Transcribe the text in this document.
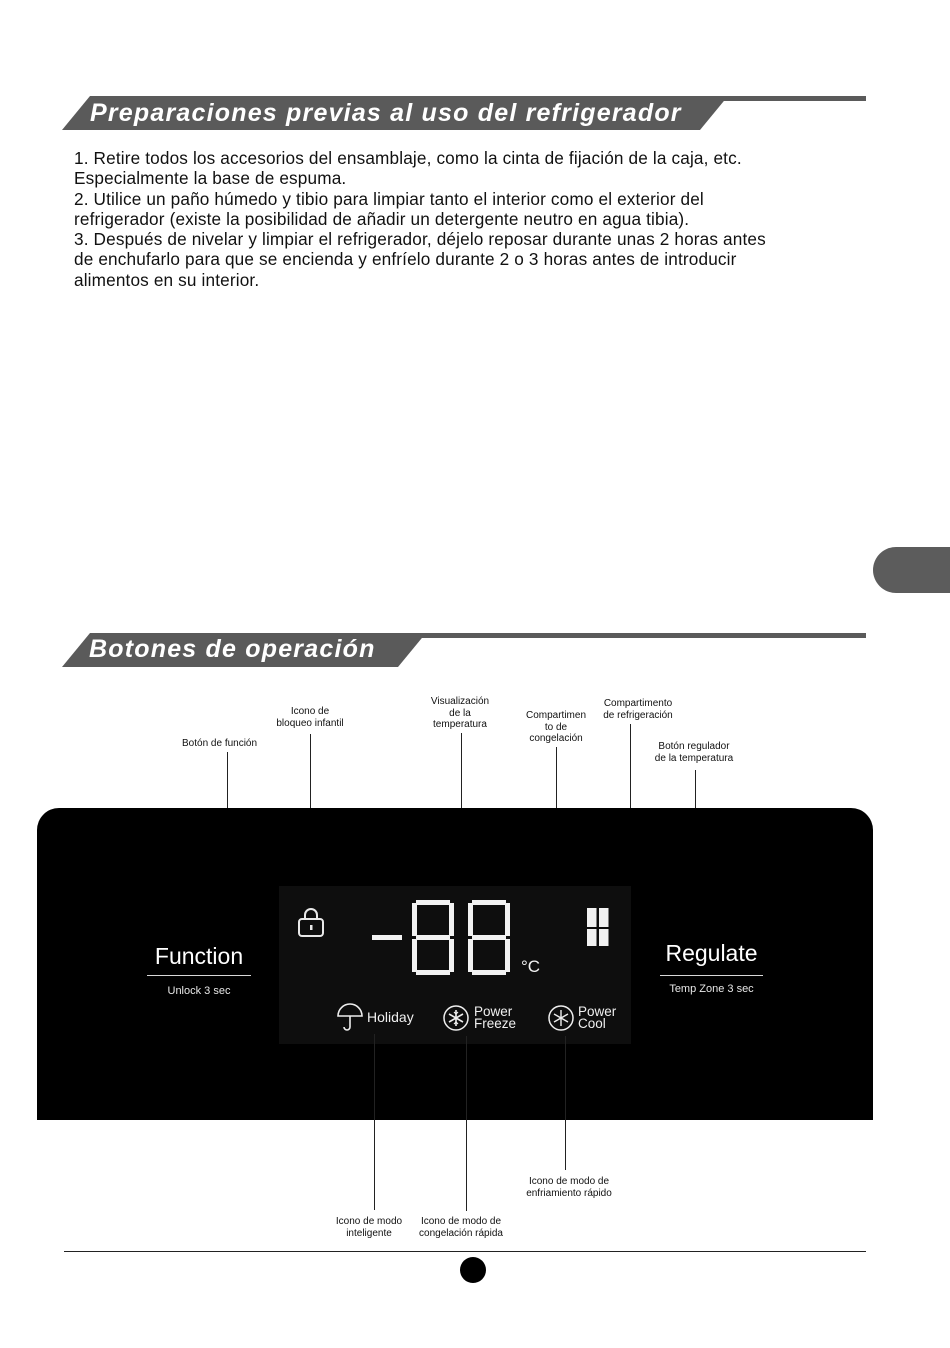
Preparaciones previas al uso del refrigerador

1. Retire todos los accesorios del ensamblaje, como la cinta de fijación de la caja, etc. Especialmente la base de espuma.

2. Utilice un paño húmedo y tibio para limpiar tanto el interior como el exterior del refrigerador (existe la posibilidad de añadir un detergente neutro en agua tibia).

3. Después de nivelar y limpiar el refrigerador, déjelo reposar durante unas 2 horas antes de enchufarlo para que se encienda y enfríelo durante 2 o 3 horas antes de introducir alimentos en su interior.

Botones de operación
Botón de función
Icono de
bloqueo infantil
Visualización
de la
temperatura
Compartimen
to de
congelación
Compartimento
de refrigeración
Botón regulador
de la temperatura
Function
Unlock 3 sec
Regulate
Temp Zone 3 sec
°C
Holiday	Power
Freeze
Power
Cool
Icono de modo
inteligente
Icono de modo de
congelación rápida
Icono de modo de
enfriamiento rápido
